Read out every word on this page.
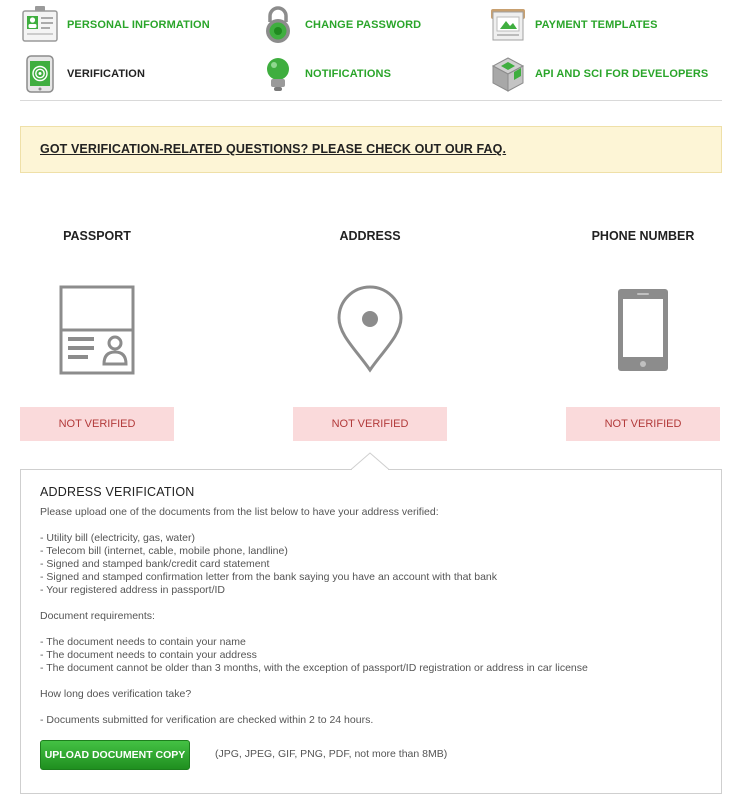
PERSONAL INFORMATION	CHANGE PASSWORD	PAYMENT TEMPLATES
VERIFICATION	NOTIFICATIONS	API AND SCI FOR DEVELOPERS
GOT VERIFICATION-RELATED QUESTIONS? PLEASE CHECK OUT OUR FAQ.
PASSPORT	ADDRESS	PHONE NUMBER
NOT VERIFIED	NOT VERIFIED	NOT VERIFIED
ADDRESS VERIFICATION
Please upload one of the documents from the list below to have your address verified:
- Utility bill (electricity, gas, water)
- Telecom bill (internet, cable, mobile phone, landline)
- Signed and stamped bank/credit card statement
- Signed and stamped confirmation letter from the bank saying you have an account with that bank
- Your registered address in passport/ID
Document requirements:
- The document needs to contain your name
- The document needs to contain your address
- The document cannot be older than 3 months, with the exception of passport/ID registration or address in car license
How long does verification take?
- Documents submitted for verification are checked within 2 to 24 hours.
UPLOAD DOCUMENT COPY	(JPG, JPEG, GIF, PNG, PDF, not more than 8MB)
